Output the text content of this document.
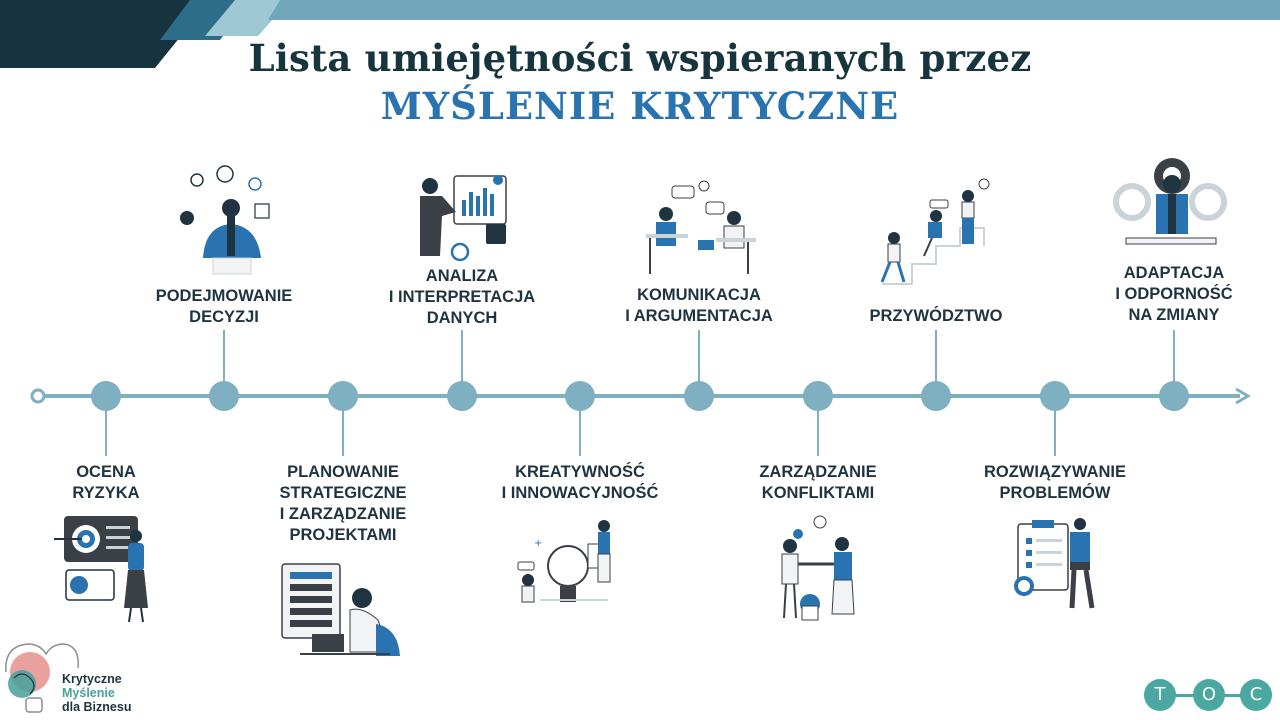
Lista umiejętności wspieranych przez
MYŚLENIE KRYTYCZNE
OCENA
RYZYKA
PLANOWANIE
STRATEGICZNE
I ZARZĄDZANIE
PROJEKTAMI
KREATYWNOŚĆ
I INNOWACYJNOŚĆ
ZARZĄDZANIE
KONFLIKTAMI
ROZWIĄZYWANIE
PROBLEMÓW
PODEJMOWANIE
DECYZJI
ANALIZA
I INTERPRETACJA
DANYCH
KOMUNIKACJA
I ARGUMENTACJA	PRZYWÓDZTWO
ADAPTACJA
I ODPORNOŚĆ
NA ZMIANY
+
Krytyczne
Myślenie
dla Biznesu
T	O	C
